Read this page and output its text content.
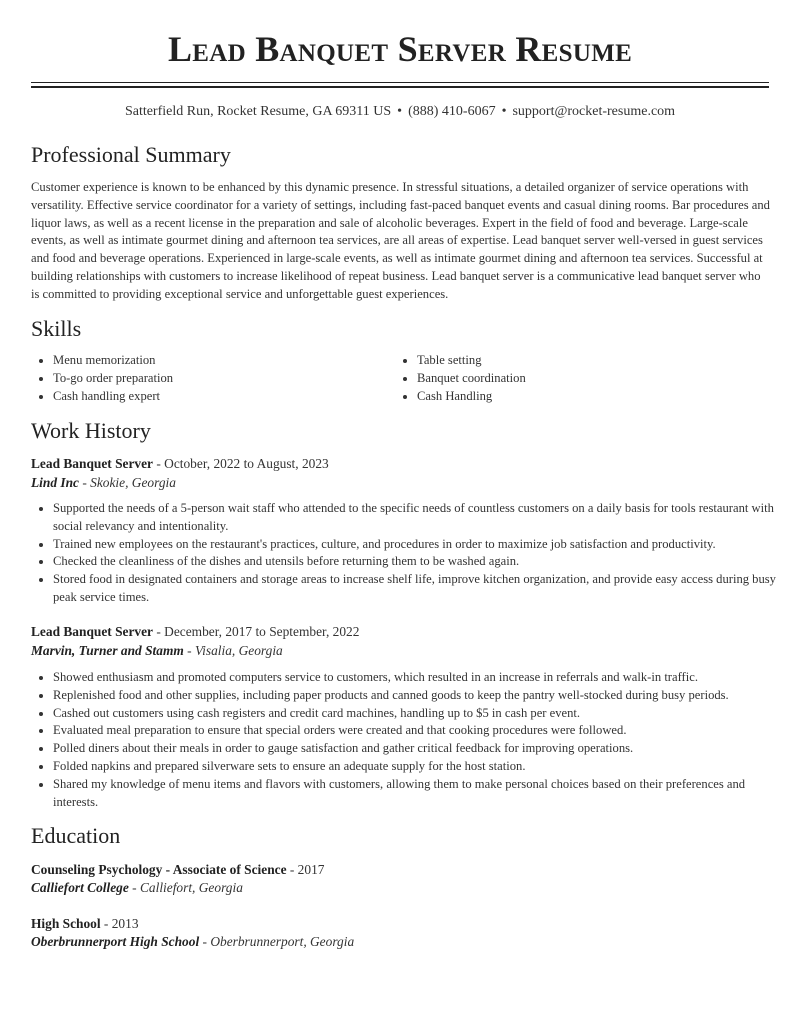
Lead Banquet Server Resume
Satterfield Run, Rocket Resume, GA 69311 US • (888) 410-6067 • support@rocket-resume.com
Professional Summary

Customer experience is known to be enhanced by this dynamic presence. In stressful situations, a detailed organizer of service operations with versatility. Effective service coordinator for a variety of settings, including fast-paced banquet events and casual dining rooms. Bar procedures and liquor laws, as well as a recent license in the preparation and sale of alcoholic beverages. Expert in the field of food and beverage. Large-scale events, as well as intimate gourmet dining and afternoon tea services, are all areas of expertise. Lead banquet server well-versed in guest services and food and beverage operations. Experienced in large-scale events, as well as intimate gourmet dining and afternoon tea services. Successful at building relationships with customers to increase likelihood of repeat business. Lead banquet server is a communicative lead banquet server who is committed to providing exceptional service and unforgettable guest experiences.

Skills
• Menu memorization
• To-go order preparation
• Cash handling expert
• Table setting
• Banquet coordination
• Cash Handling
Work History
Lead Banquet Server - October, 2022 to August, 2023
Lind Inc - Skokie, Georgia
• Supported the needs of a 5-person wait staff who attended to the specific needs of countless customers on a daily basis for tools restaurant with social relevancy and intentionality.
• Trained new employees on the restaurant's practices, culture, and procedures in order to maximize job satisfaction and productivity.
• Checked the cleanliness of the dishes and utensils before returning them to be washed again.
• Stored food in designated containers and storage areas to increase shelf life, improve kitchen organization, and provide easy access during busy peak service times.
Lead Banquet Server - December, 2017 to September, 2022
Marvin, Turner and Stamm - Visalia, Georgia
• Showed enthusiasm and promoted computers service to customers, which resulted in an increase in referrals and walk-in traffic.
• Replenished food and other supplies, including paper products and canned goods to keep the pantry well-stocked during busy periods.
• Cashed out customers using cash registers and credit card machines, handling up to $5 in cash per event.
• Evaluated meal preparation to ensure that special orders were created and that cooking procedures were followed.
• Polled diners about their meals in order to gauge satisfaction and gather critical feedback for improving operations.
• Folded napkins and prepared silverware sets to ensure an adequate supply for the host station.
• Shared my knowledge of menu items and flavors with customers, allowing them to make personal choices based on their preferences and interests.
Education
Counseling Psychology - Associate of Science - 2017
Calliefort College - Calliefort, Georgia
High School - 2013
Oberbrunnerport High School - Oberbrunnerport, Georgia
